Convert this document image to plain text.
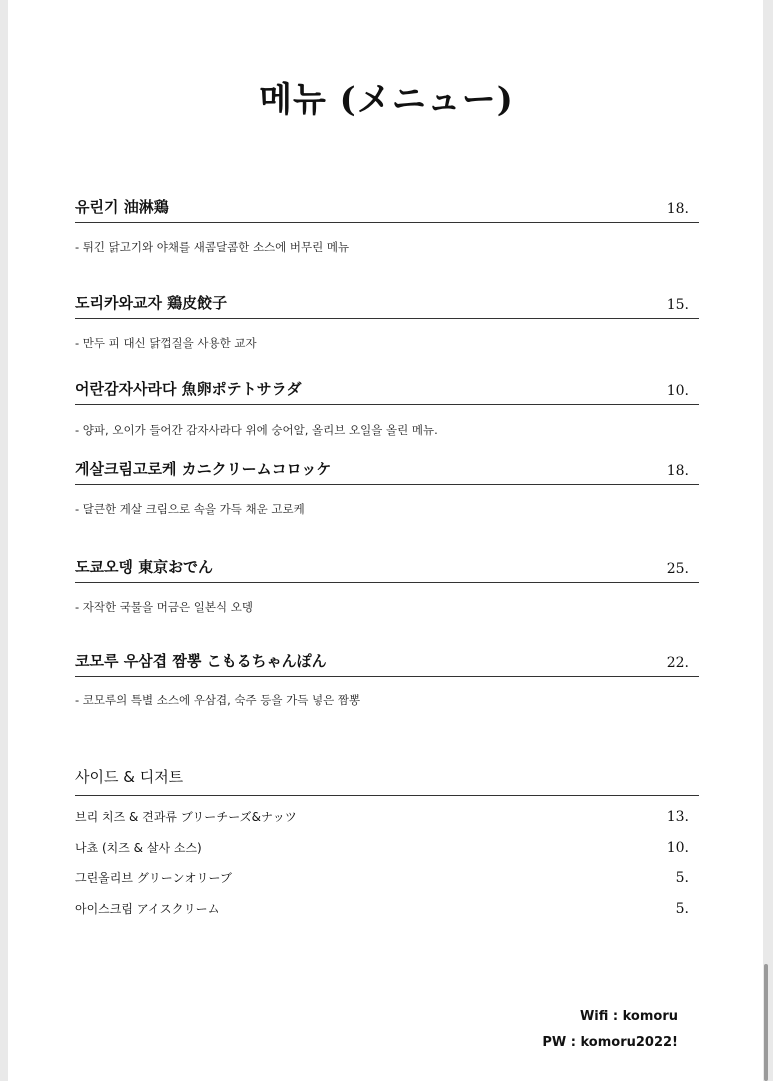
메뉴 (メニュー)
유린기 油淋鶏	18.
- 튀긴 닭고기와 야채를 새콤달콤한 소스에 버무린 메뉴
도리카와교자 鶏皮餃子	15.
- 만두 피 대신 닭껍질을 사용한 교자
어란감자사라다 魚卵ポテトサラダ	10.
- 양파, 오이가 들어간 감자사라다 위에 숭어알, 올리브 오일을 올린 메뉴.
게살크림고로케 カニクリームコロッケ	18.
- 달큰한 게살 크림으로 속을 가득 채운 고로케
도쿄오뎅 東京おでん	25.
- 자작한 국물을 머금은 일본식 오뎅
코모루 우삼겹 짬뽕 こもるちゃんぽん	22.
- 코모루의 특별 소스에 우삼겹, 숙주 등을 가득 넣은 짬뽕
사이드 & 디저트
브리 치즈 & 견과류 ブリーチーズ&ナッツ	13.
나쵸 (치즈 & 살사 소스)	10.
그린올리브 グリーンオリーブ	5.
아이스크림 アイスクリーム	5.
Wifi : komoru
PW : komoru2022!
